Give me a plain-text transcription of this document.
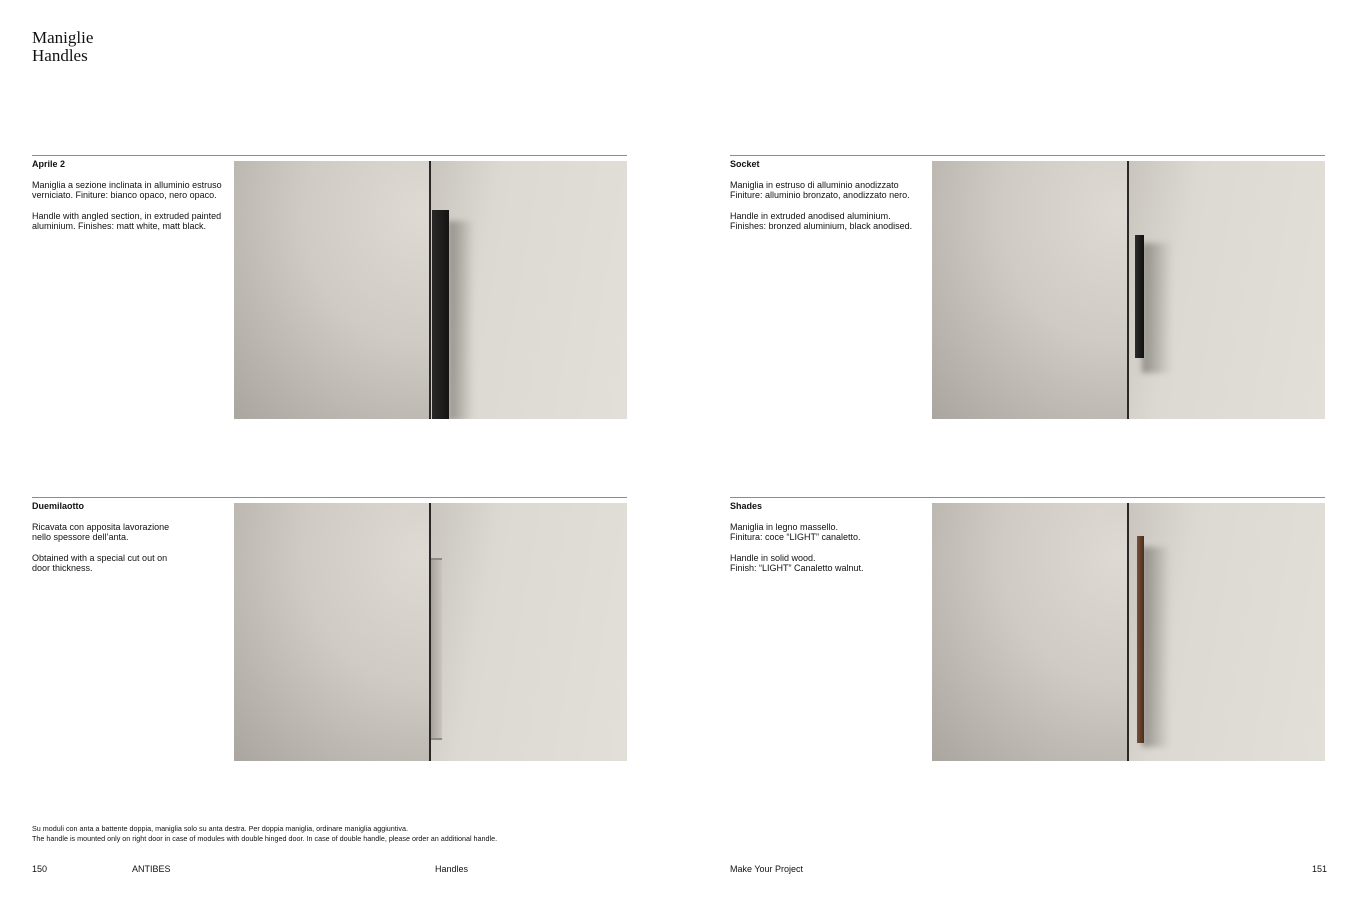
Maniglie
Handles
Aprile 2

Maniglia a sezione inclinata in alluminio estruso
verniciato. Finiture: bianco opaco, nero opaco.

Handle with angled section, in extruded painted
aluminium. Finishes: matt white, matt black.

Socket

Maniglia in estruso di alluminio anodizzato
Finiture: alluminio bronzato, anodizzato nero.

Handle in extruded anodised aluminium.
Finishes: bronzed aluminium, black anodised.

Duemilaotto

Ricavata con apposita lavorazione
nello spessore dell’anta.

Obtained with a special cut out on
door thickness.

Shades

Maniglia in legno massello.
Finitura: coce “LIGHT” canaletto.

Handle in solid wood.
Finish: “LIGHT” Canaletto walnut.

Su moduli con anta a battente doppia, maniglia solo su anta destra. Per doppia maniglia, ordinare maniglia aggiuntiva.
The handle is mounted only on right door in case of modules with double hinged door. In case of double handle, please order an additional handle.
150	ANTIBES	Handles	Make Your Project	151
